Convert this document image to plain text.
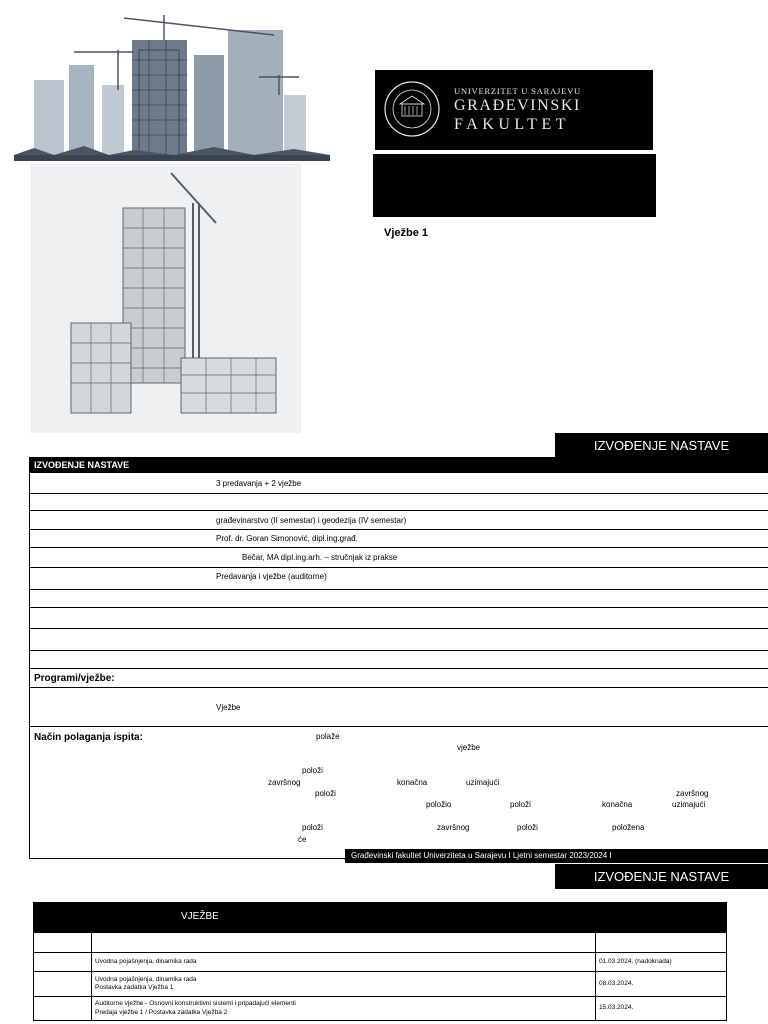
UNIVERZITET U SARAJEVU
GRAĐEVINSKI
FAKULTET
Vježbe 1
IZVOĐENJE NASTAVE
IZVOĐENJE NASTAVE
3 predavanja + 2 vježbe
građevinarstvo (II semestar) i geodezija (IV semestar)
Prof. dr. Goran Simonović, dipl.ing.građ.
Bečar, MA dipl.ing.arh. – stručnjak iz prakse
Predavanja i vježbe (auditorne)
Programi/vježbe:
Vježbe
Način polaganja ispita:	polaže
vježbe
položi
završnog	konačna	uzimajući
položi	završnog
uzimajući
položio	položi	konačna
položi	završnog	položi	položena
će
Građevinski fakultet Univerziteta u Sarajevu I Ljetni semestar 2023/2024 I
IZVOĐENJE NASTAVE
VJEŽBE

	Uvodna pojašnjenja, dinamika rada	01.03.2024. (nadoknada)
	Uvodna pojašnjenja, dinamika rada
Postavka zadatka Vježba 1	08.03.2024.
	Auditorne vježbe - Osnovni konstruktivni sistemi i pripadajući elementi
Predaja vježbe 1 / Postavka zadatka Vježba 2	15.03.2024.
